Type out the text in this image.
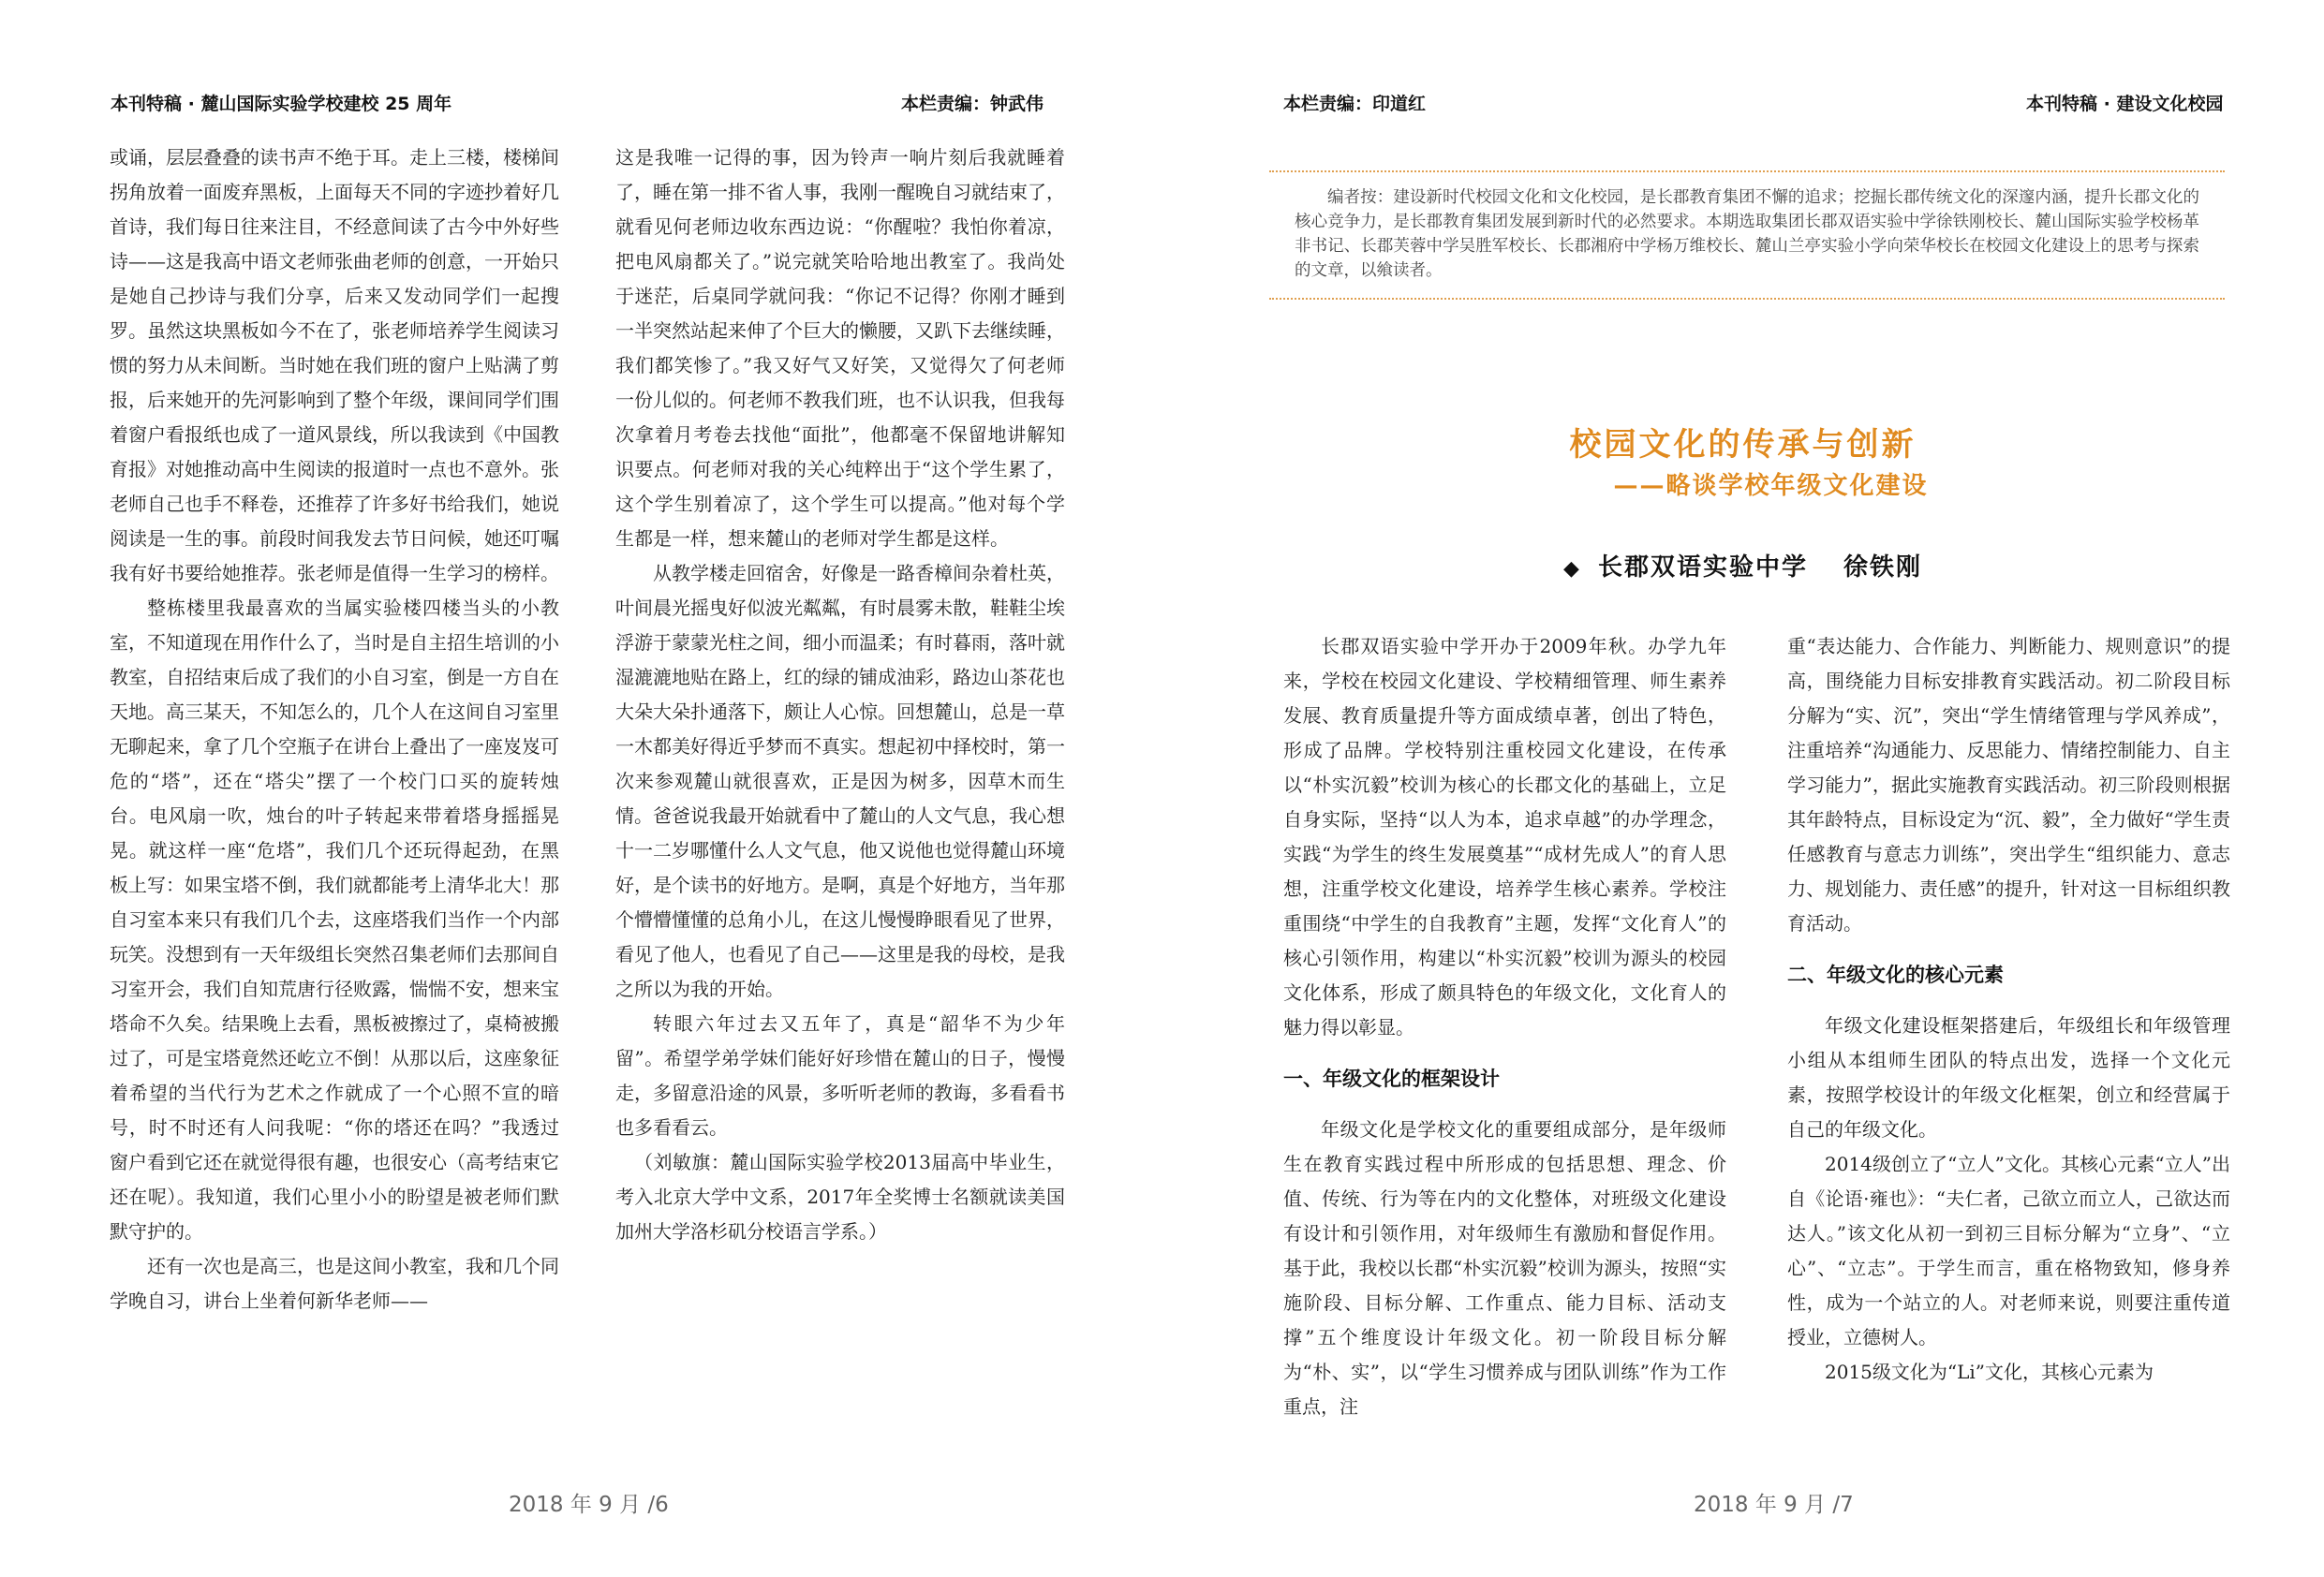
本刊特稿 · 麓山国际实验学校建校 25 周年	本栏责编：钟武伟

或诵，层层叠叠的读书声不绝于耳。走上三楼，楼梯间拐角放着一面废弃黑板，上面每天不同的字迹抄着好几首诗，我们每日往来注目，不经意间读了古今中外好些诗——这是我高中语文老师张曲老师的创意，一开始只是她自己抄诗与我们分享，后来又发动同学们一起搜罗。虽然这块黑板如今不在了，张老师培养学生阅读习惯的努力从未间断。当时她在我们班的窗户上贴满了剪报，后来她开的先河影响到了整个年级，课间同学们围着窗户看报纸也成了一道风景线，所以我读到《中国教育报》对她推动高中生阅读的报道时一点也不意外。张老师自己也手不释卷，还推荐了许多好书给我们，她说阅读是一生的事。前段时间我发去节日问候，她还叮嘱我有好书要给她推荐。张老师是值得一生学习的榜样。

整栋楼里我最喜欢的当属实验楼四楼当头的小教室，不知道现在用作什么了，当时是自主招生培训的小教室，自招结束后成了我们的小自习室，倒是一方自在天地。高三某天，不知怎么的，几个人在这间自习室里无聊起来，拿了几个空瓶子在讲台上叠出了一座岌岌可危的“塔”，还在“塔尖”摆了一个校门口买的旋转烛台。电风扇一吹，烛台的叶子转起来带着塔身摇摇晃晃。就这样一座“危塔”，我们几个还玩得起劲，在黑板上写：如果宝塔不倒，我们就都能考上清华北大！那自习室本来只有我们几个去，这座塔我们当作一个内部玩笑。没想到有一天年级组长突然召集老师们去那间自习室开会，我们自知荒唐行径败露，惴惴不安，想来宝塔命不久矣。结果晚上去看，黑板被擦过了，桌椅被搬过了，可是宝塔竟然还屹立不倒！从那以后，这座象征着希望的当代行为艺术之作就成了一个心照不宣的暗号，时不时还有人问我呢：“你的塔还在吗？”我透过窗户看到它还在就觉得很有趣，也很安心（高考结束它还在呢）。我知道，我们心里小小的盼望是被老师们默默守护的。

还有一次也是高三，也是这间小教室，我和几个同学晚自习，讲台上坐着何新华老师——

这是我唯一记得的事，因为铃声一响片刻后我就睡着了，睡在第一排不省人事，我刚一醒晚自习就结束了，就看见何老师边收东西边说：“你醒啦？我怕你着凉，把电风扇都关了。”说完就笑哈哈地出教室了。我尚处于迷茫，后桌同学就问我：“你记不记得？你刚才睡到一半突然站起来伸了个巨大的懒腰，又趴下去继续睡，我们都笑惨了。”我又好气又好笑，又觉得欠了何老师一份儿似的。何老师不教我们班，也不认识我，但我每次拿着月考卷去找他“面批”，他都毫不保留地讲解知识要点。何老师对我的关心纯粹出于“这个学生累了，这个学生别着凉了，这个学生可以提高。”他对每个学生都是一样，想来麓山的老师对学生都是这样。

从教学楼走回宿舍，好像是一路香樟间杂着杜英，叶间晨光摇曳好似波光粼粼，有时晨雾未散，鞋鞋尘埃浮游于蒙蒙光柱之间，细小而温柔；有时暮雨，落叶就湿漉漉地贴在路上，红的绿的铺成油彩，路边山茶花也大朵大朵扑通落下，颇让人心惊。回想麓山，总是一草一木都美好得近乎梦而不真实。想起初中择校时，第一次来参观麓山就很喜欢，正是因为树多，因草木而生情。爸爸说我最开始就看中了麓山的人文气息，我心想十一二岁哪懂什么人文气息，他又说他也觉得麓山环境好，是个读书的好地方。是啊，真是个好地方，当年那个懵懵懂懂的总角小儿，在这儿慢慢睁眼看见了世界，看见了他人，也看见了自己——这里是我的母校，是我之所以为我的开始。

转眼六年过去又五年了，真是“韶华不为少年留”。希望学弟学妹们能好好珍惜在麓山的日子，慢慢走，多留意沿途的风景，多听听老师的教诲，多看看书也多看看云。

（刘敏旗：麓山国际实验学校2013届高中毕业生，考入北京大学中文系，2017年全奖博士名额就读美国加州大学洛杉矶分校语言学系。）

2018 年 9 月 /6
本栏责编：印道红	本刊特稿 · 建设文化校园
编者按：建设新时代校园文化和文化校园，是长郡教育集团不懈的追求；挖掘长郡传统文化的深邃内涵，提升长郡文化的核心竞争力，是长郡教育集团发展到新时代的必然要求。本期选取集团长郡双语实验中学徐铁刚校长、麓山国际实验学校杨革非书记、长郡芙蓉中学吴胜军校长、长郡湘府中学杨万维校长、麓山兰亭实验小学向荣华校长在校园文化建设上的思考与探索的文章，以飨读者。
校园文化的传承与创新
——略谈学校年级文化建设
◆ 长郡双语实验中学 徐铁刚

长郡双语实验中学开办于2009年秋。办学九年来，学校在校园文化建设、学校精细管理、师生素养发展、教育质量提升等方面成绩卓著，创出了特色，形成了品牌。学校特别注重校园文化建设，在传承以“朴实沉毅”校训为核心的长郡文化的基础上，立足自身实际，坚持“以人为本，追求卓越”的办学理念，实践“为学生的终生发展奠基”“成材先成人”的育人思想，注重学校文化建设，培养学生核心素养。学校注重围绕“中学生的自我教育”主题，发挥“文化育人”的核心引领作用，构建以“朴实沉毅”校训为源头的校园文化体系，形成了颇具特色的年级文化，文化育人的魅力得以彰显。

一、年级文化的框架设计

年级文化是学校文化的重要组成部分，是年级师生在教育实践过程中所形成的包括思想、理念、价值、传统、行为等在内的文化整体，对班级文化建设有设计和引领作用，对年级师生有激励和督促作用。基于此，我校以长郡“朴实沉毅”校训为源头，按照“实施阶段、目标分解、工作重点、能力目标、活动支撑”五个维度设计年级文化。初一阶段目标分解为“朴、实”，以“学生习惯养成与团队训练”作为工作重点，注

重“表达能力、合作能力、判断能力、规则意识”的提高，围绕能力目标安排教育实践活动。初二阶段目标分解为“实、沉”，突出“学生情绪管理与学风养成”，注重培养“沟通能力、反思能力、情绪控制能力、自主学习能力”，据此实施教育实践活动。初三阶段则根据其年龄特点，目标设定为“沉、毅”，全力做好“学生责任感教育与意志力训练”，突出学生“组织能力、意志力、规划能力、责任感”的提升，针对这一目标组织教育活动。

二、年级文化的核心元素

年级文化建设框架搭建后，年级组长和年级管理小组从本组师生团队的特点出发，选择一个文化元素，按照学校设计的年级文化框架，创立和经营属于自己的年级文化。

2014级创立了“立人”文化。其核心元素“立人”出自《论语·雍也》：“夫仁者，己欲立而立人，己欲达而达人。”该文化从初一到初三目标分解为“立身”、“立心”、“立志”。于学生而言，重在格物致知，修身养性，成为一个站立的人。对老师来说，则要注重传道授业，立德树人。

2015级文化为“Li”文化，其核心元素为

2018 年 9 月 /7
